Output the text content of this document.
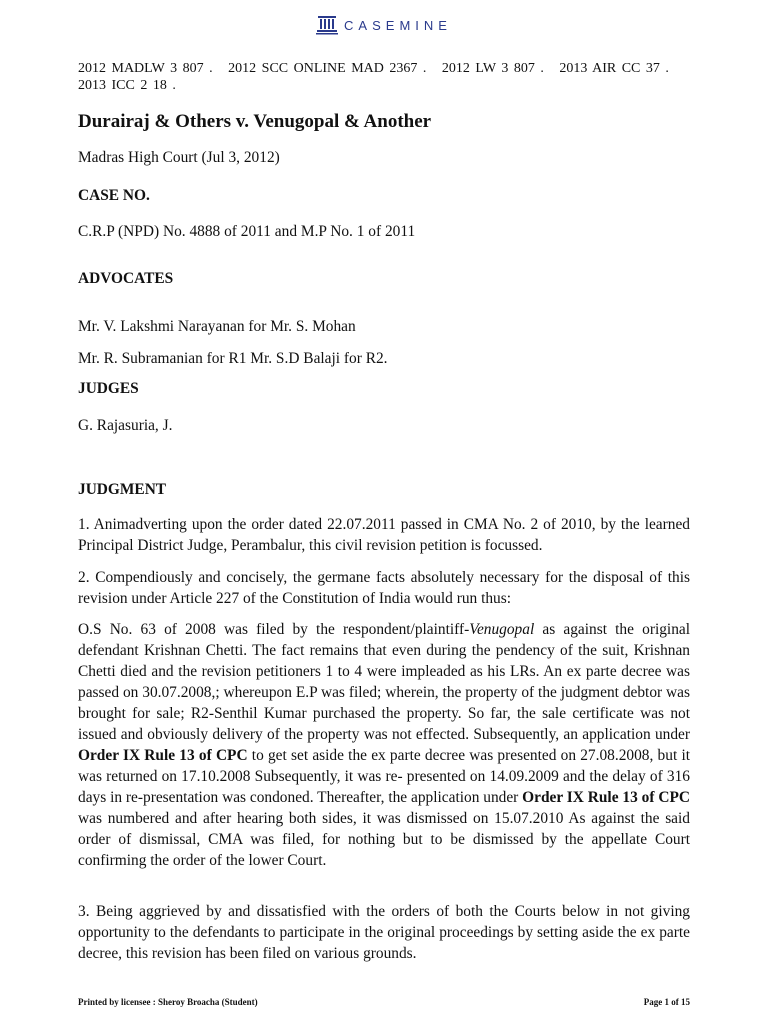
CASEMINE
2012 MADLW 3 807 . 2012 SCC ONLINE MAD 2367 . 2012 LW 3 807 . 2013 AIR CC 37 .
2013 ICC 2 18 .
Durairaj & Others v. Venugopal & Another
Madras High Court (Jul 3, 2012)
CASE NO.
C.R.P (NPD) No. 4888 of 2011 and M.P No. 1 of 2011
ADVOCATES
Mr. V. Lakshmi Narayanan for Mr. S. Mohan
Mr. R. Subramanian for R1 Mr. S.D Balaji for R2.
JUDGES
G. Rajasuria, J.
JUDGMENT
1. Animadverting upon the order dated 22.07.2011 passed in CMA No. 2 of 2010, by the learned Principal District Judge, Perambalur, this civil revision petition is focussed.
2. Compendiously and concisely, the germane facts absolutely necessary for the disposal of this revision under Article 227 of the Constitution of India would run thus:
O.S No. 63 of 2008 was filed by the respondent/plaintiff-Venugopal as against the original defendant Krishnan Chetti. The fact remains that even during the pendency of the suit, Krishnan Chetti died and the revision petitioners 1 to 4 were impleaded as his LRs. An ex parte decree was passed on 30.07.2008,; whereupon E.P was filed; wherein, the property of the judgment debtor was brought for sale; R2-Senthil Kumar purchased the property. So far, the sale certificate was not issued and obviously delivery of the property was not effected. Subsequently, an application under Order IX Rule 13 of CPC to get set aside the ex parte decree was presented on 27.08.2008, but it was returned on 17.10.2008 Subsequently, it was re- presented on 14.09.2009 and the delay of 316 days in re-presentation was condoned. Thereafter, the application under Order IX Rule 13 of CPC was numbered and after hearing both sides, it was dismissed on 15.07.2010 As against the said order of dismissal, CMA was filed, for nothing but to be dismissed by the appellate Court confirming the order of the lower Court.
3. Being aggrieved by and dissatisfied with the orders of both the Courts below in not giving opportunity to the defendants to participate in the original proceedings by setting aside the ex parte decree, this revision has been filed on various grounds.
Printed by licensee : Sheroy Broacha (Student)	Page 1 of 15
